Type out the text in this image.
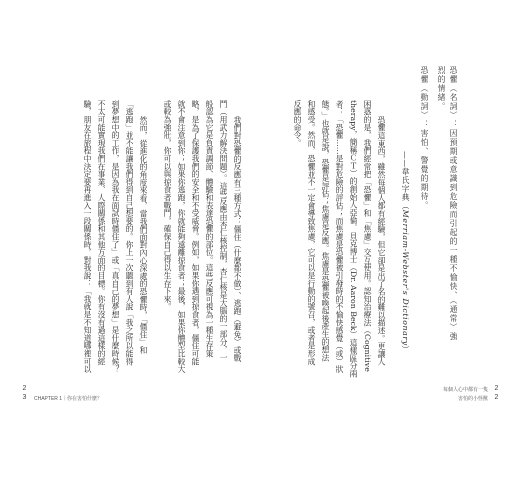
恐懼（名詞）：因預期或意識到危險而引起的一種不愉快、（通常）強
烈的情緒。
恐懼（動詞）：害怕、警覺的期待。
——韋氏字典（Merriam-Webster's Dictionary）
恐懼這東西，雖然每個人都有經驗，但它卻是出了名的難以描述。更讓人
困惑的是，我們經常把「恐懼」和「焦慮」交互使用。認知治療法（Cognitive
therapy，簡稱ＣＴ）的創始人亞倫．貝克博士（Dr. Aaron Beck）這樣區分兩
者：「恐懼……是對危險的評估；而焦慮是恐懼被引發時的不愉快感覺（或）狀
態。」也就是說，恐懼是評估；焦慮是反應。焦慮是恐懼被喚起後產生的想法
和感受。然而，恐懼並不一定會導致焦慮，它可以是行動的號召，或者是形成
反應的命令。
每個人心中都有一隻
害怕的小怪獸 22
我們對恐懼的反應有三種方式：僵住（什麼都不做）、逃跑（避免）或戰
鬥（用武力解決問題）。這些反應由杏仁核控制，杏仁核是大腦的一部分，一
般認為它是負責調節、體驗和表達恐懼的部位。這些反應可視為一種生存策
略，是為了保護我們的安全和不受威脅。例如，如果你遇到掠食者，僵住可能
就不會注意到你；如果你逃跑，你就能夠遠離掠食者；最後，如果你體型比較大
或較為強壯，你可以與掠食者戰鬥，確保自己得以生存下來。
然而，從進化的角度來看，當我們面對內心深處的恐懼時，「僵住」和
「逃跑」並不能讓我們得到自己想要的。你上一次聽到有人說「我之所以能得
到夢想中的工作，是因為我在面試時僵住了」或「真自己的夢想」是什麼時候？
不太可能實現我們在事業、人際關係和其他方面的目標。你有沒有過這樣的經
驗，朋友在旅程中決定要再進入一段關係時，對我說：「我就是不知道哪裡可以
23 CHAPTER 1｜你在害怕什麼？
